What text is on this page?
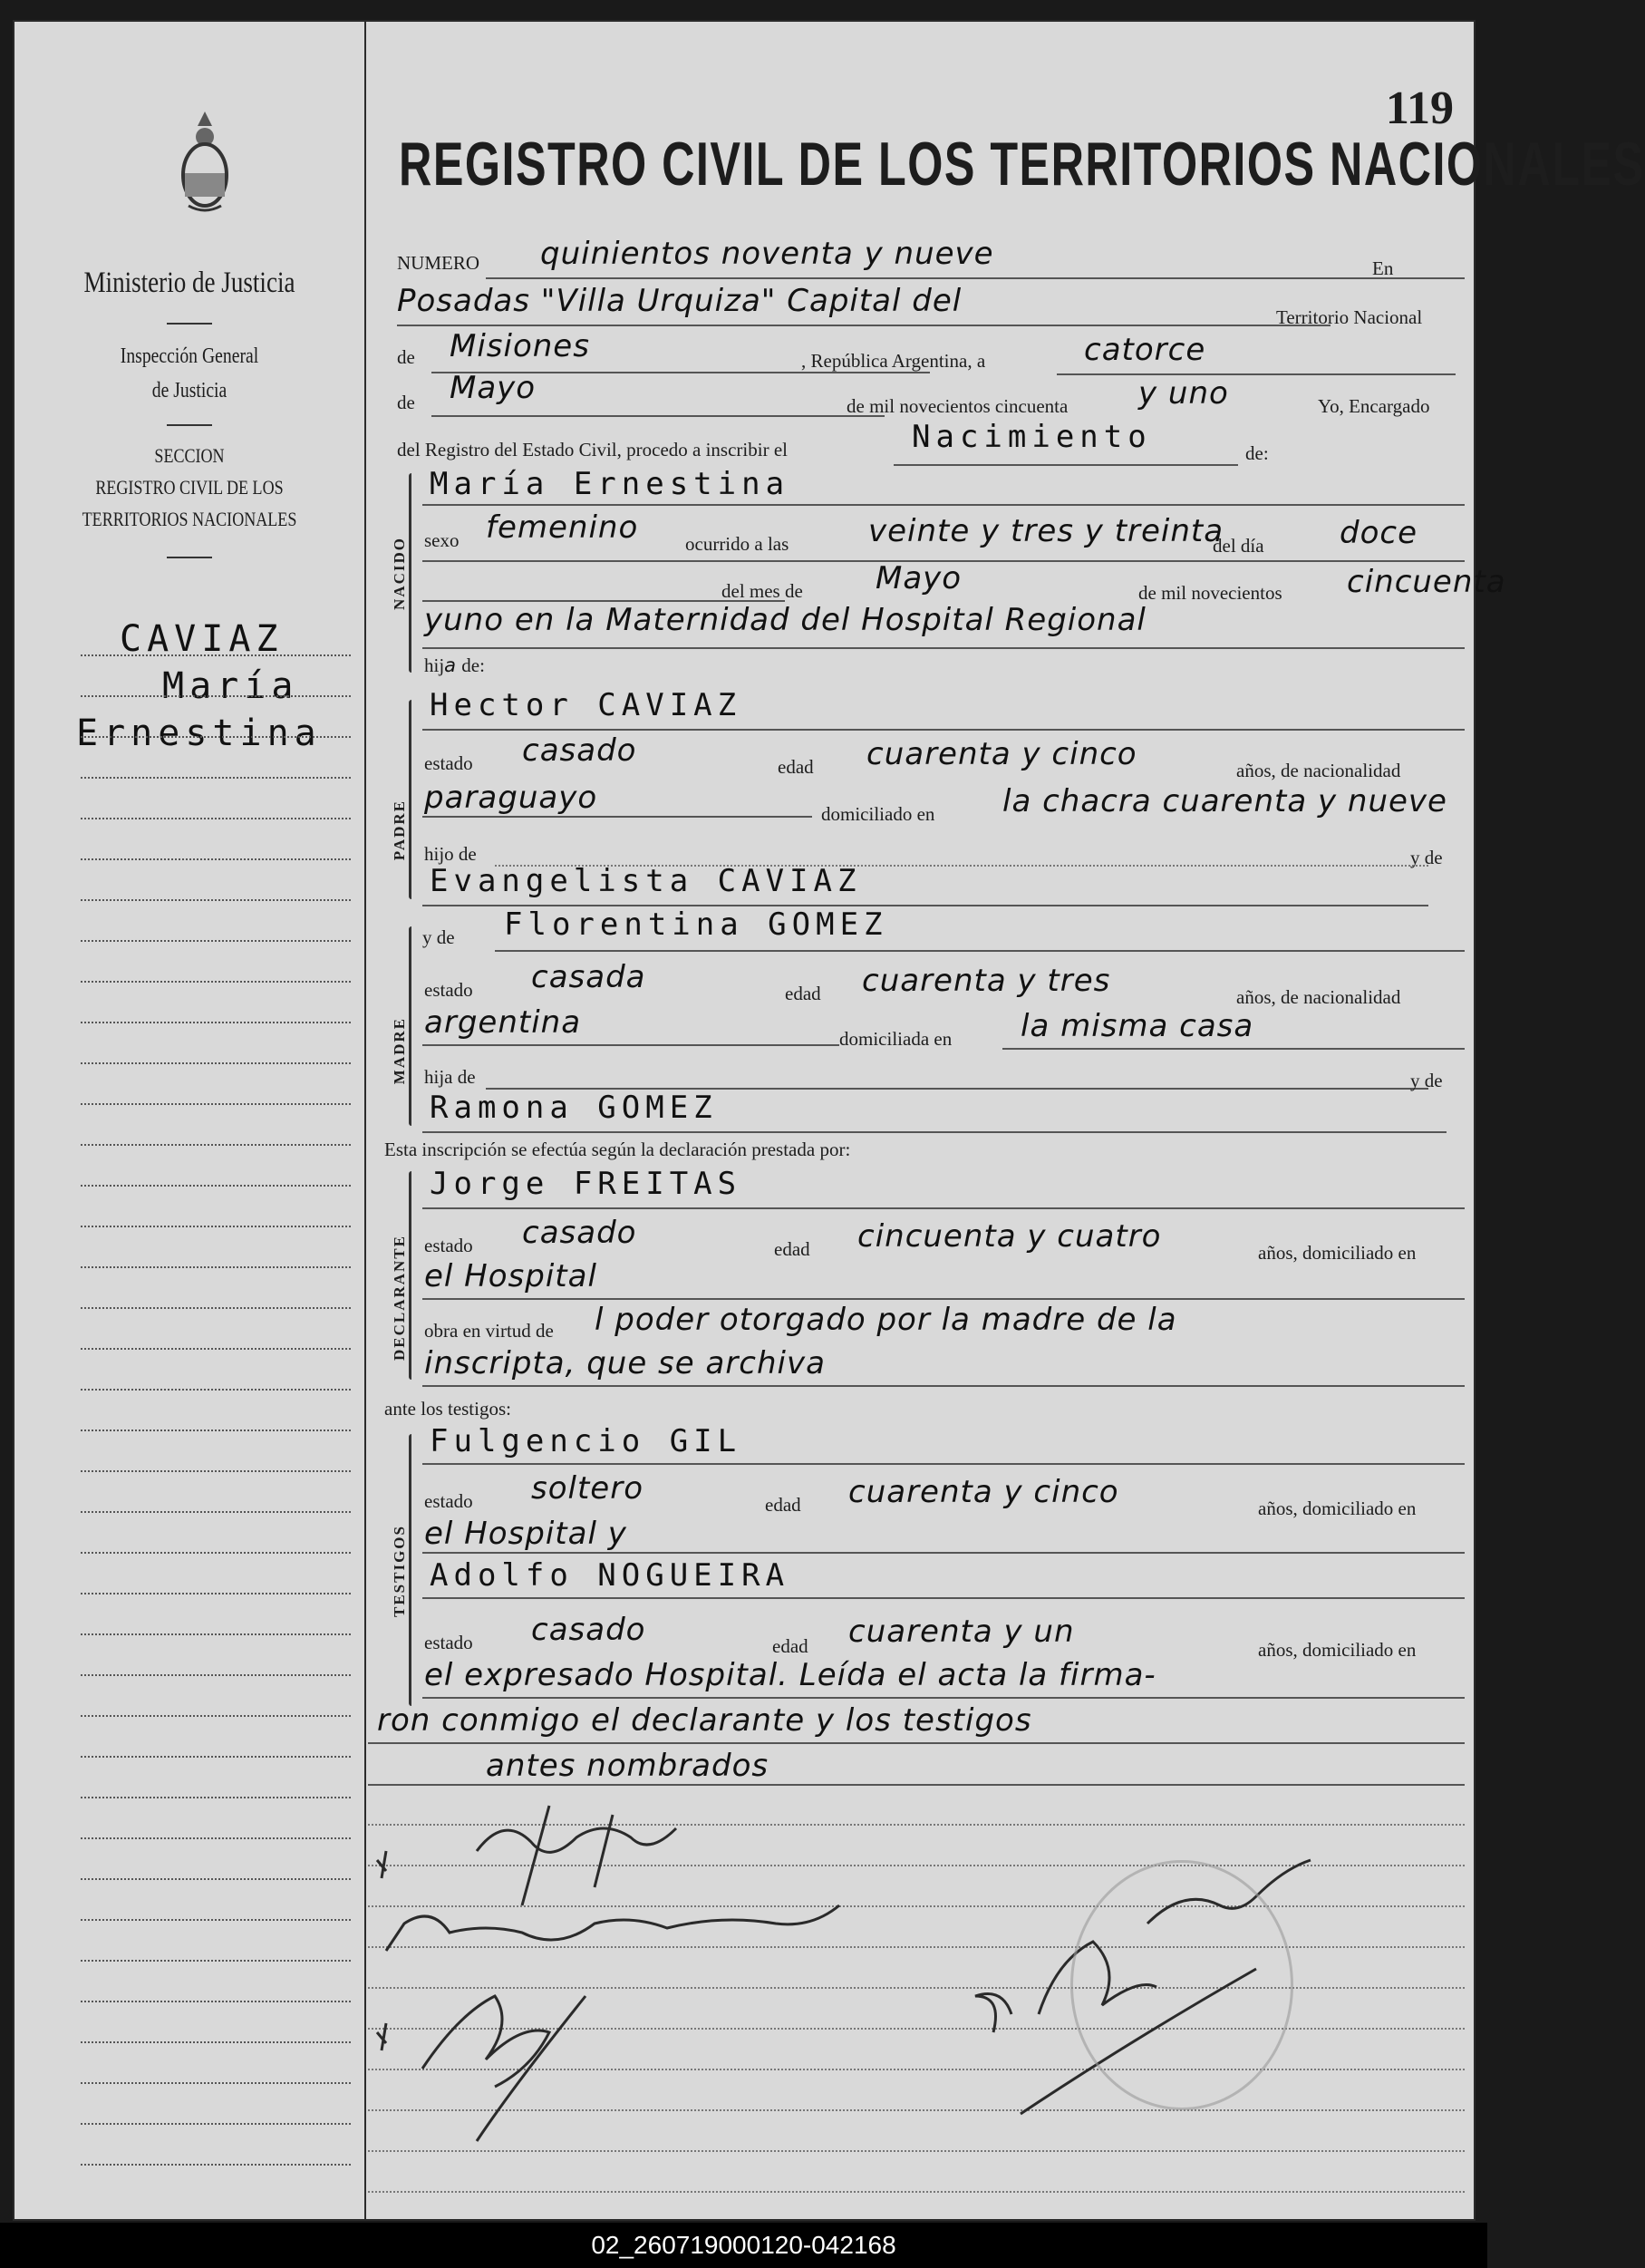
Ministerio de Justicia
Inspección General
de Justicia
SECCION
REGISTRO CIVIL DE LOS
TERRITORIOS NACIONALES
CAVIAZ
María
Ernestina
119
REGISTRO CIVIL DE LOS TERRITORIOS NACIONALES
NUMERO quinientos noventa y nueve	En
Posadas "Villa Urquiza" Capital del	Territorio Nacional
de Misiones	, República Argentina, a	catorce
de Mayo	de mil novecientos cincuenta y uno	Yo, Encargado
del Registro del Estado Civil, procedo a inscribir el	Nacimiento	de:
NACIDO
María Ernestina
sexo femenino ocurrido a las	veinte y tres y treinta
del día doce
del mes de Mayo	de mil novecientos cincuenta
yuno en la Maternidad del Hospital Regional
hija de:
PADRE
Hector CAVIAZ
estado casado	edad cuarenta y cinco	años, de nacionalidad
paraguayo	domiciliado en la chacra cuarenta y nueve
hijo de	y de
Evangelista CAVIAZ
MADRE
y de Florentina GOMEZ
estado casada	edad cuarenta y tres	años, de nacionalidad
argentina	domiciliada en la misma casa
hija de	y de
Ramona GOMEZ
Esta inscripción se efectúa según la declaración prestada por:
DECLARANTE
Jorge FREITAS
estado casado	edad cincuenta y cuatro	años, domiciliado en
el Hospital
obra en virtud de l poder otorgado por la madre de la
inscripta, que se archiva
ante los testigos:
TESTIGOS
Fulgencio GIL
estado soltero	edad cuarenta y cinco	años, domiciliado en
el Hospital y
Adolfo NOGUEIRA
estado casado	edad cuarenta y un	años, domiciliado en
el expresado Hospital. Leída el acta la firma-
ron conmigo el declarante y los testigos
antes nombrados
02_260719000120-042168
